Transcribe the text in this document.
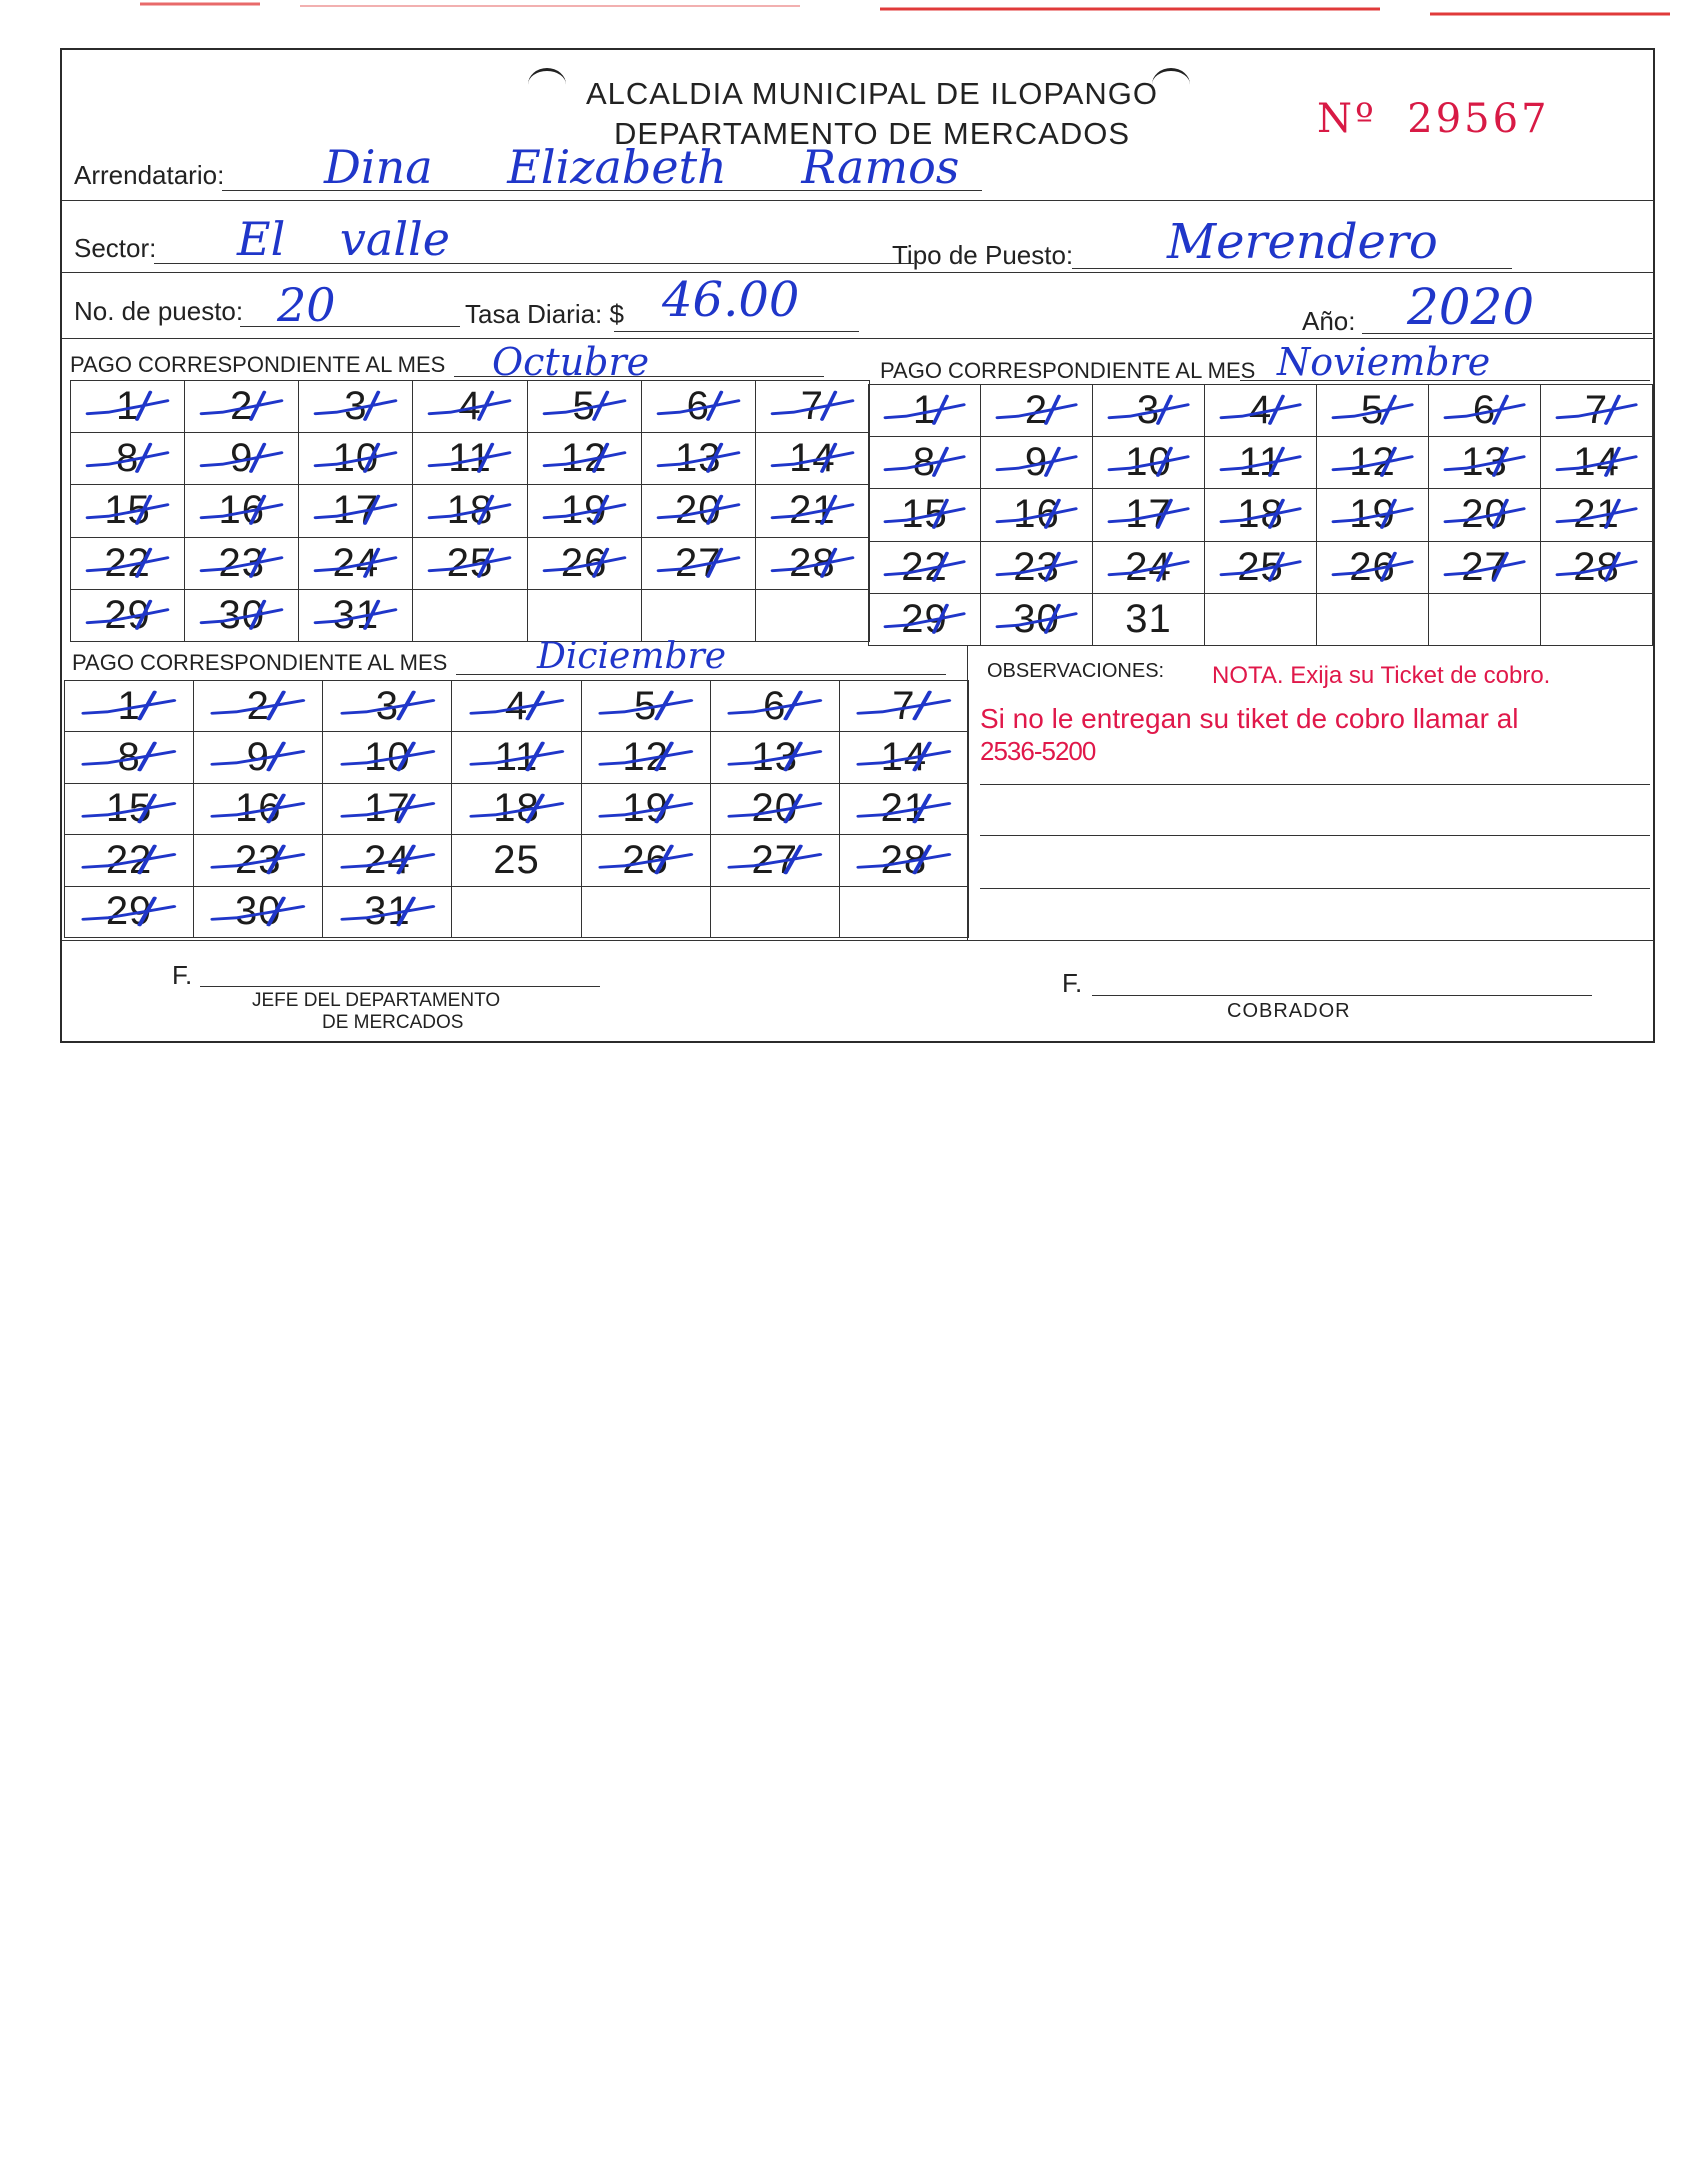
ALCALDIA MUNICIPAL DE ILOPANGO
DEPARTAMENTO DE MERCADOS	Nº 29567
Arrendatario: Dina Elizabeth Ramos
Sector: El valle	Tipo de Puesto: Merendero
No. de puesto: 20	Tasa Diaria: $ 46.00	Año: 2020
PAGO CORRESPONDIENTE AL MES Octubre	PAGO CORRESPONDIENTE AL MES Noviembre
1 2 3 4 5 6 7
8 9 10 11 12 13 14
15 16 17 18 19 20 21
22 23 24 25 26 27 28
29 30 31
1 2 3 4 5 6 7
8 9 10 11 12 13 14
15 16 17 18 19 20 21
22 23 24 25 26 27 28
29 30 31
PAGO CORRESPONDIENTE AL MES Diciembre
1	2	3	4	5	6	7
8	9 10 11 12 13 14
15 16 17 18 19 20 21
22 23 24 25 26 27 28
29 30 31
OBSERVACIONES: NOTA. Exija su Ticket de cobro.
Si no le entregan su tiket de cobro llamar al
2536-5200
F.
JEFE DEL DEPARTAMENTO
DE MERCADOS
F.
COBRADOR
